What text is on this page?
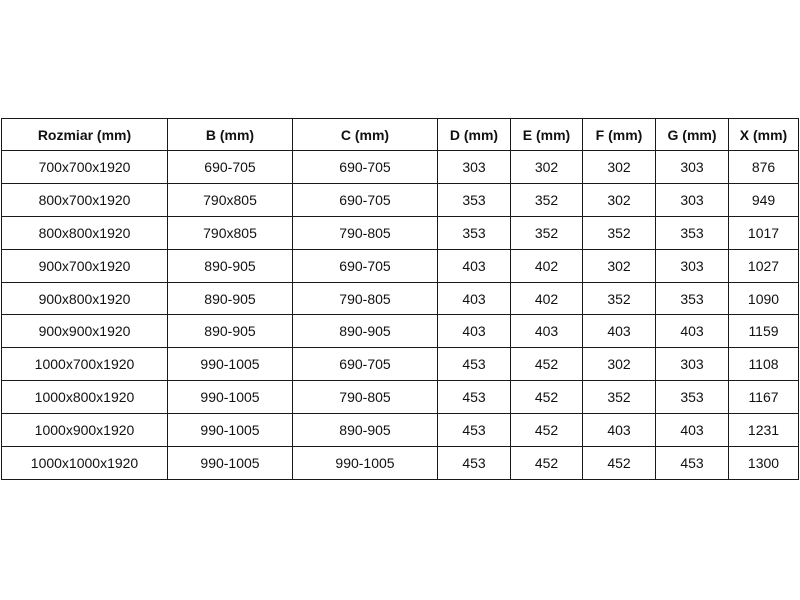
Rozmiar (mm)	B (mm)	C (mm)	D (mm)	E (mm)	F (mm)	G (mm)	X (mm)
700x700x1920	690-705	690-705	303	302	302	303	876
800x700x1920	790x805	690-705	353	352	302	303	949
800x800x1920	790x805	790-805	353	352	352	353	1017
900x700x1920	890-905	690-705	403	402	302	303	1027
900x800x1920	890-905	790-805	403	402	352	353	1090
900x900x1920	890-905	890-905	403	403	403	403	1159
1000x700x1920	990-1005	690-705	453	452	302	303	1108
1000x800x1920	990-1005	790-805	453	452	352	353	1167
1000x900x1920	990-1005	890-905	453	452	403	403	1231
1000x1000x1920	990-1005	990-1005	453	452	452	453	1300
